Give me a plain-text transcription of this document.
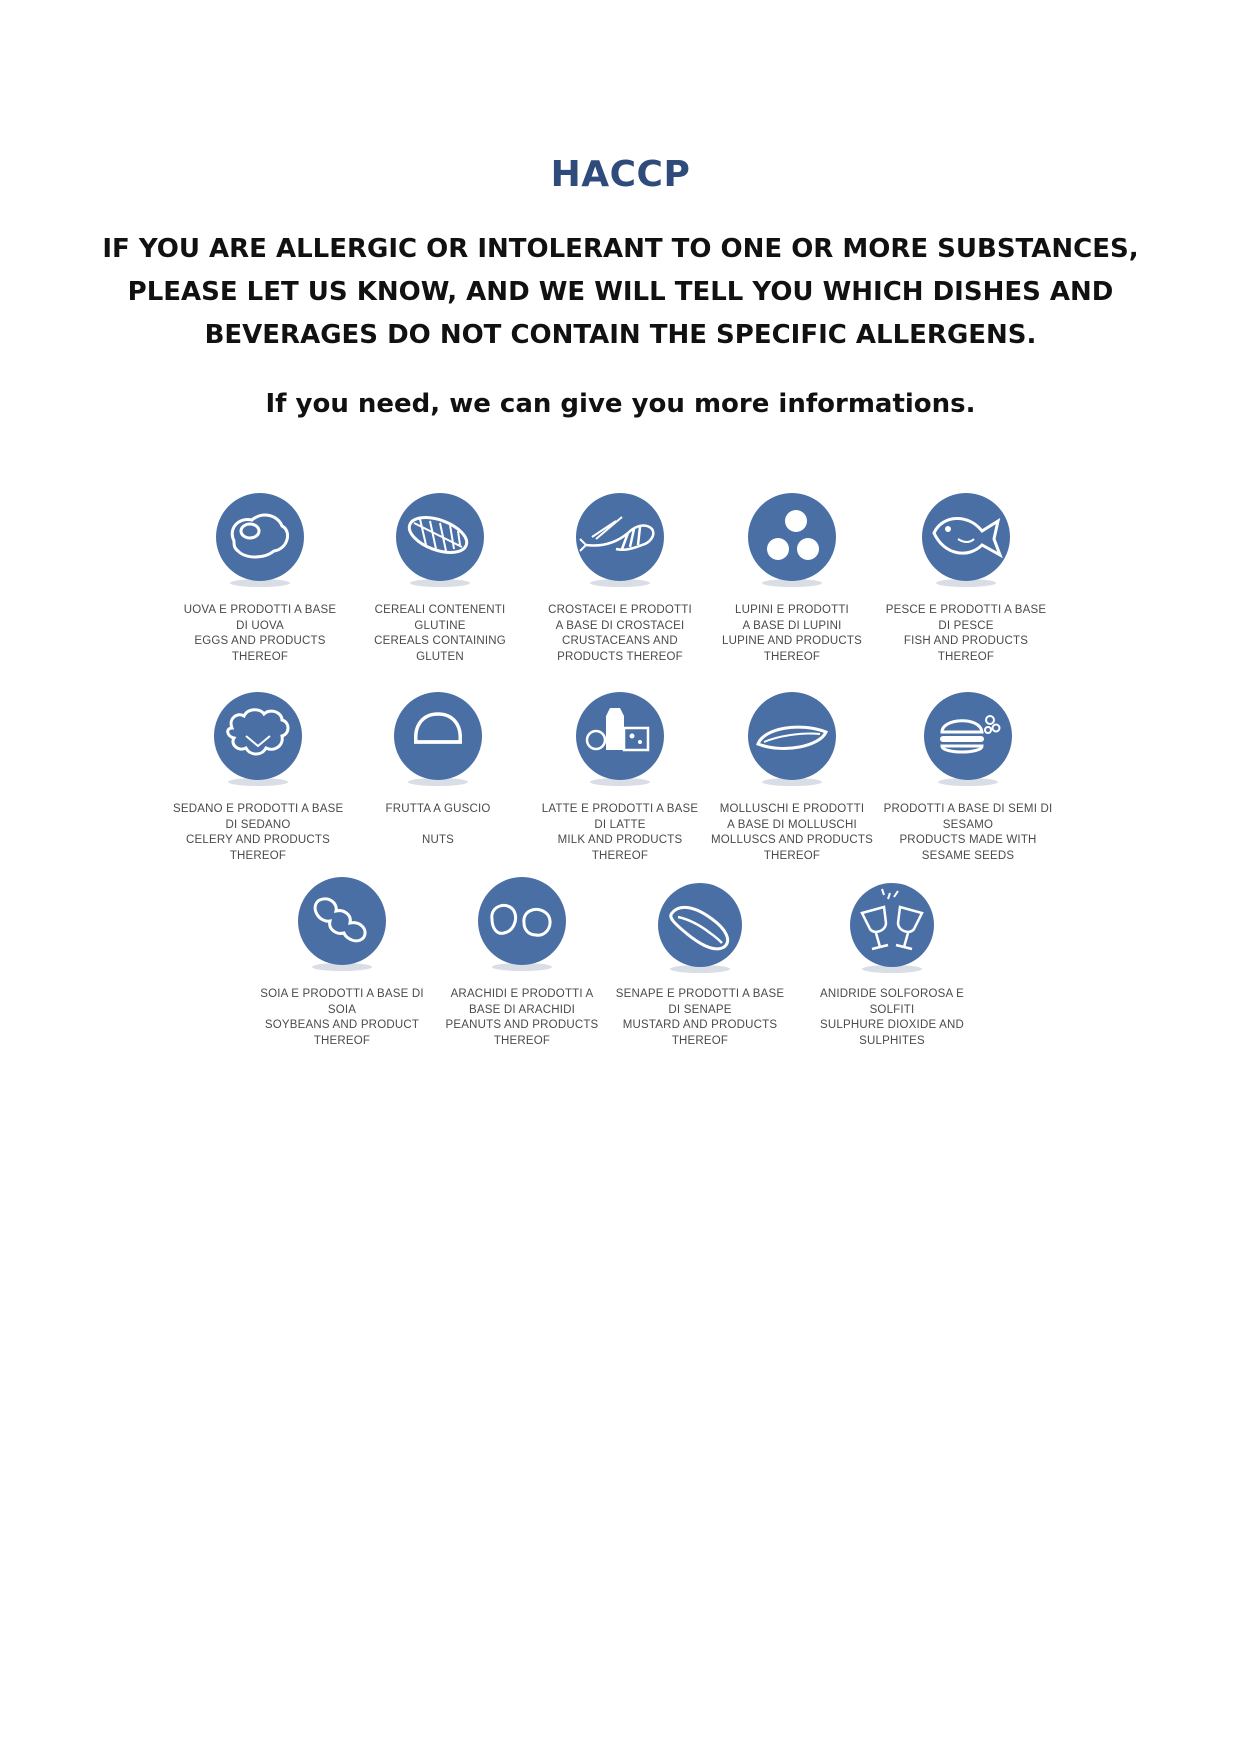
HACCP

IF YOU ARE ALLERGIC OR INTOLERANT TO ONE OR MORE SUBSTANCES,
PLEASE LET US KNOW, AND WE WILL TELL YOU WHICH DISHES AND
BEVERAGES DO NOT CONTAIN THE SPECIFIC ALLERGENS.

If you need, we can give you more informations.

UOVA E PRODOTTI A BASE
DI UOVA
EGGS AND PRODUCTS
THEREOF
CEREALI CONTENENTI
GLUTINE
CEREALS CONTAINING
GLUTEN
CROSTACEI E PRODOTTI
A BASE DI CROSTACEI
CRUSTACEANS AND
PRODUCTS THEREOF
LUPINI E PRODOTTI
A BASE DI LUPINI
LUPINE AND PRODUCTS
THEREOF
PESCE E PRODOTTI A BASE
DI PESCE
FISH AND PRODUCTS
THEREOF
SEDANO E PRODOTTI A BASE
DI SEDANO
CELERY AND PRODUCTS
THEREOF
FRUTTA A GUSCIO
NUTS
LATTE E PRODOTTI A BASE
DI LATTE
MILK AND PRODUCTS
THEREOF
MOLLUSCHI E PRODOTTI
A BASE DI MOLLUSCHI
MOLLUSCS AND PRODUCTS
THEREOF
PRODOTTI A BASE DI SEMI DI
SESAMO
PRODUCTS MADE WITH
SESAME SEEDS
SOIA E PRODOTTI A BASE DI
SOIA
SOYBEANS AND PRODUCT
THEREOF
ARACHIDI E PRODOTTI A
BASE DI ARACHIDI
PEANUTS AND PRODUCTS
THEREOF
SENAPE E PRODOTTI A BASE
DI SENAPE
MUSTARD AND PRODUCTS
THEREOF
ANIDRIDE SOLFOROSA E
SOLFITI
SULPHURE DIOXIDE AND
SULPHITES
